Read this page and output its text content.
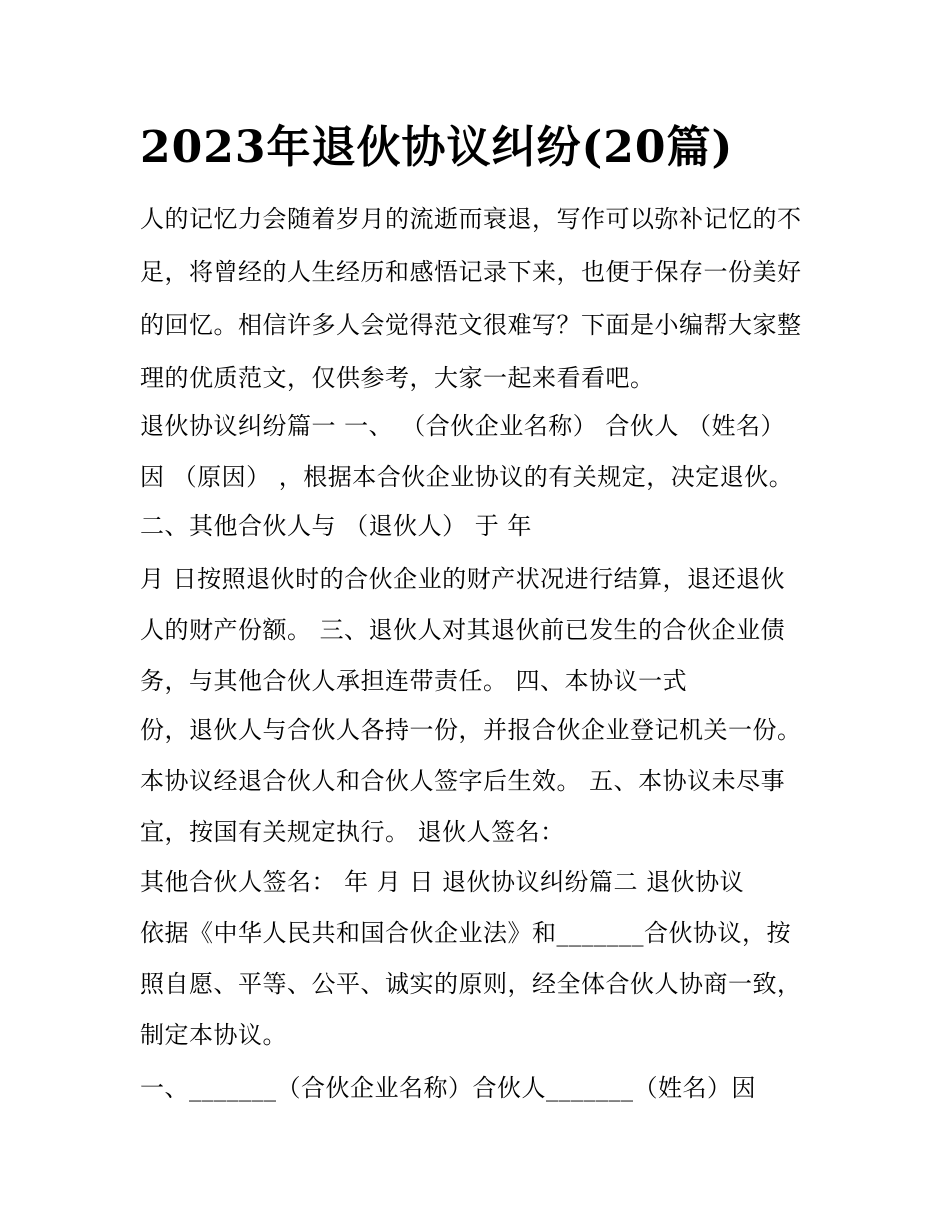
2023年退伙协议纠纷(20篇)
人的记忆力会随着岁月的流逝而衰退，写作可以弥补记忆的不
足，将曾经的人生经历和感悟记录下来，也便于保存一份美好
的回忆。相信许多人会觉得范文很难写？下面是小编帮大家整
理的优质范文，仅供参考，大家一起来看看吧。
退伙协议纠纷篇一 一、 （合伙企业名称） 合伙人 （姓名）
因 （原因） ，根据本合伙企业协议的有关规定，决定退伙。
二、其他合伙人与 （退伙人） 于 年
月 日按照退伙时的合伙企业的财产状况进行结算，退还退伙
人的财产份额。 三、退伙人对其退伙前已发生的合伙企业债
务，与其他合伙人承担连带责任。 四、本协议一式
份，退伙人与合伙人各持一份，并报合伙企业登记机关一份。
本协议经退合伙人和合伙人签字后生效。 五、本协议未尽事
宜，按国有关规定执行。 退伙人签名：
其他合伙人签名： 年 月 日 退伙协议纠纷篇二 退伙协议
依据《中华人民共和国合伙企业法》和_______合伙协议，按
照自愿、平等、公平、诚实的原则，经全体合伙人协商一致，
制定本协议。
一、_______（合伙企业名称）合伙人_______（姓名）因
